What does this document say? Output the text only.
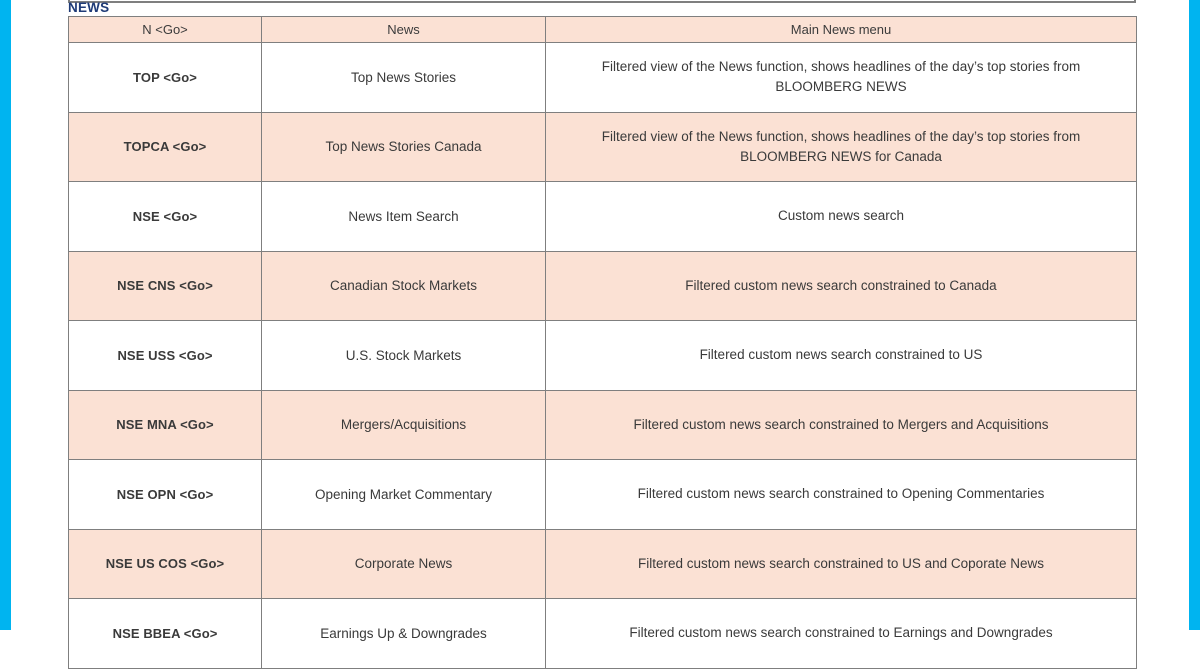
NEWS
N <Go>	News	Main News menu
TOP <Go>	Top News Stories	Filtered view of the News function, shows headlines of the day’s top stories from BLOOMBERG NEWS
TOPCA <Go>	Top News Stories Canada	Filtered view of the News function, shows headlines of the day’s top stories from BLOOMBERG NEWS for Canada
NSE <Go>	News Item Search	Custom news search
NSE CNS <Go>	Canadian Stock Markets	Filtered custom news search constrained to Canada
NSE USS <Go>	U.S. Stock Markets	Filtered custom news search constrained to US
NSE MNA <Go>	Mergers/Acquisitions	Filtered custom news search constrained to Mergers and Acquisitions
NSE OPN <Go>	Opening Market Commentary	Filtered custom news search constrained to Opening Commentaries
NSE US COS <Go>	Corporate News	Filtered custom news search constrained to US and Coporate News
NSE BBEA <Go>	Earnings Up & Downgrades	Filtered custom news search constrained to Earnings and Downgrades
